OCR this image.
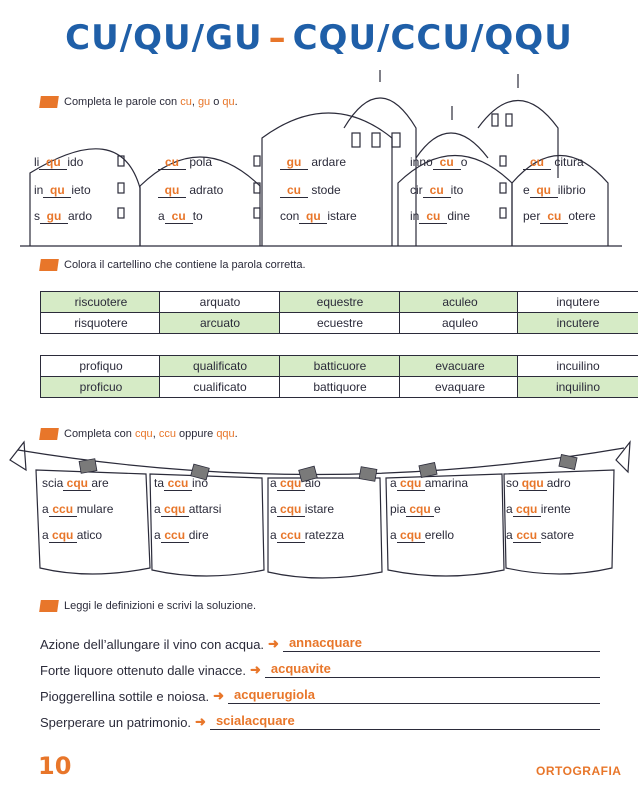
CU/QU/GU – CQU/CCU/QQU
Completa le parole con cu, gu o qu.
li qu ido
in qu ieto
s gu ardo
cu pola
qu adrato
a cu to
gu ardare
cu stode
con qu istare
inno cu o
cir cu ito
in cu dine
cu citura
e qu ilibrio
per cu otere
Colora il cartellino che contiene la parola corretta.
riscuotere
risquotere
arquato
arcuato
equestre
ecuestre
aculeo
aquleo
inqutere
incutere
profiquo
proficuo
qualificato
cualificato
batticuore
battiquore
evacuare
evaquare
incuilino
inquilino
Completa con cqu, ccu oppure qqu.
scia cqu are
a ccu mulare
a cqu atico
ta ccu ino
a cqu attarsi
a ccu dire
a cqu aio
a cqu istare
a ccu ratezza
a cqu amarina
pia cqu e
a cqu erello
so qqu adro
a cqu irente
a ccu satore
Leggi le definizioni e scrivi la soluzione.
Azione dell’allungare il vino con acqua. ➜ annacquare
Forte liquore ottenuto dalle vinacce. ➜ acquavite
Pioggerellina sottile e noiosa. ➜ acquerugiola
Sperperare un patrimonio. ➜ scialacquare
10	ORTOGRAFIA
